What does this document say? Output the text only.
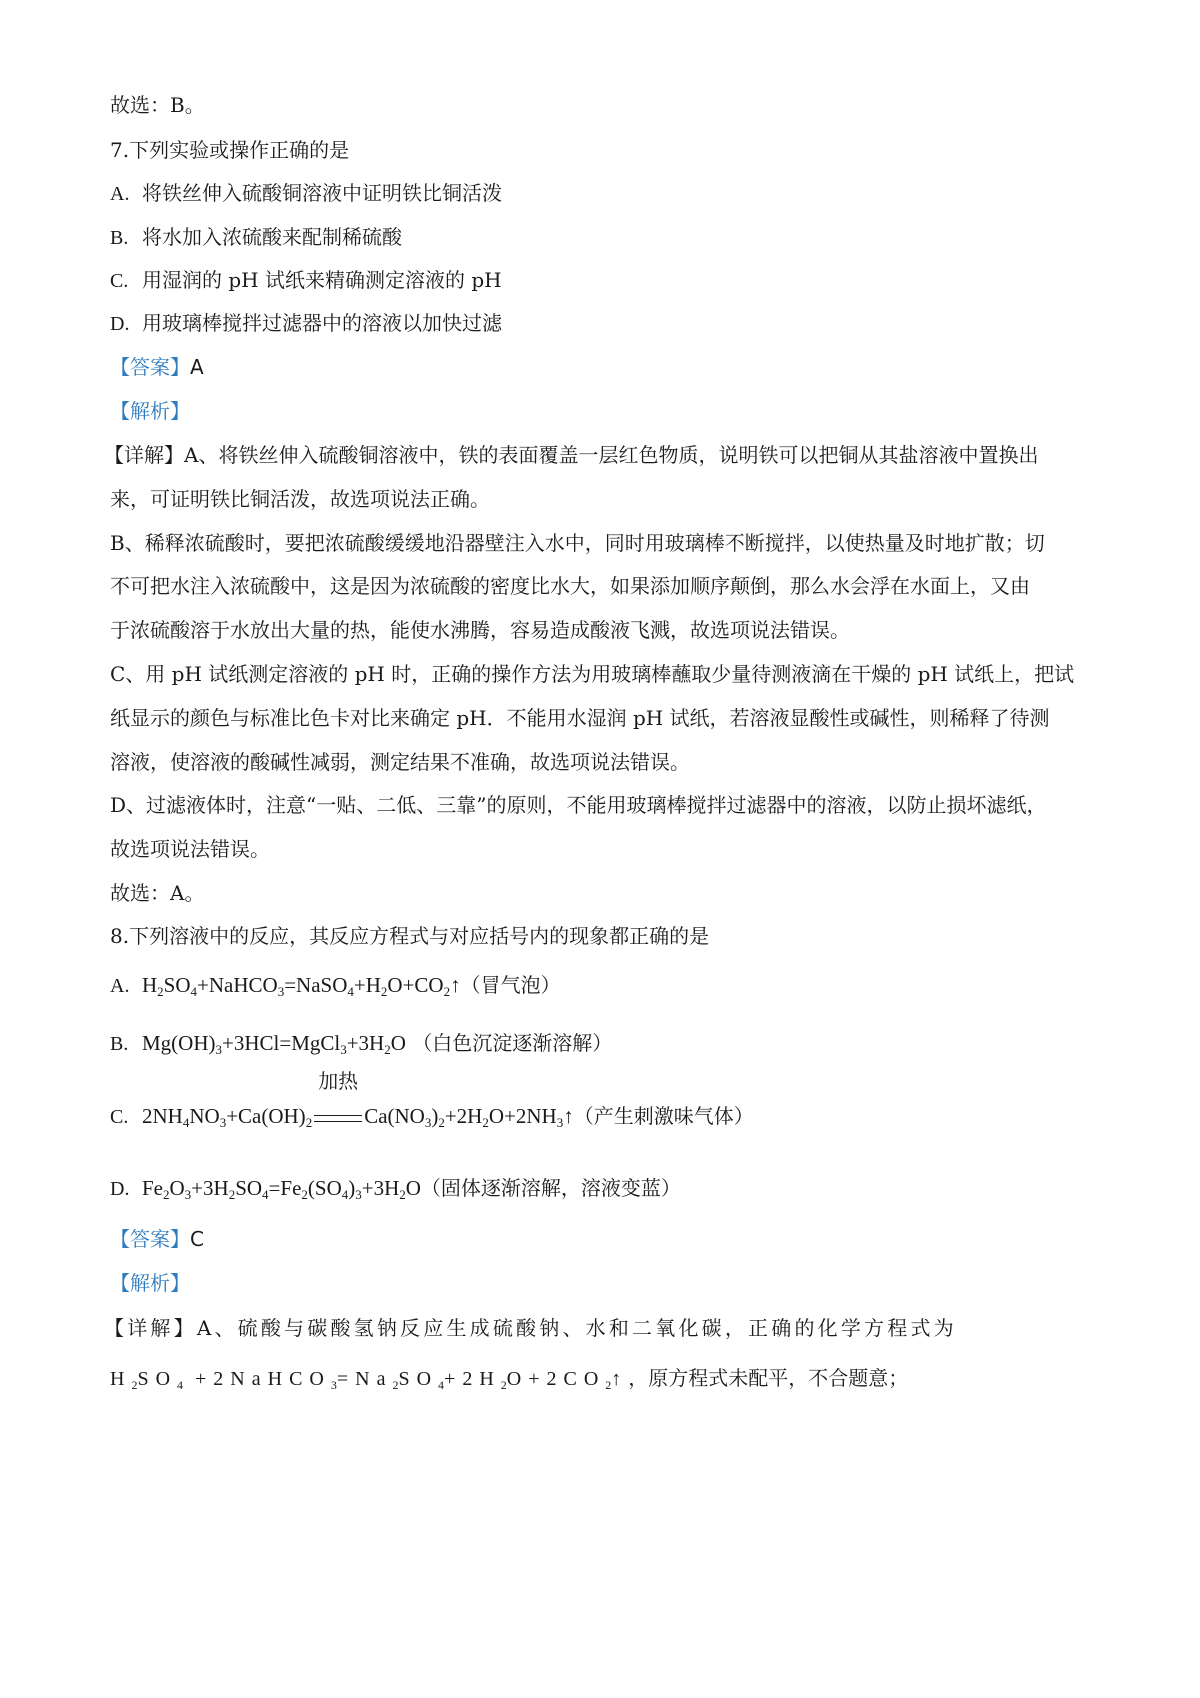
故选：B。
7.下列实验或操作正确的是
A. 将铁丝伸入硫酸铜溶液中证明铁比铜活泼
B. 将水加入浓硫酸来配制稀硫酸
C. 用湿润的 pH 试纸来精确测定溶液的 pH
D. 用玻璃棒搅拌过滤器中的溶液以加快过滤
【答案】A
【解析】
【详解】A、将铁丝伸入硫酸铜溶液中，铁的表面覆盖一层红色物质，说明铁可以把铜从其盐溶液中置换出
来，可证明铁比铜活泼，故选项说法正确。
B、稀释浓硫酸时，要把浓硫酸缓缓地沿器壁注入水中，同时用玻璃棒不断搅拌，以使热量及时地扩散；切
不可把水注入浓硫酸中，这是因为浓硫酸的密度比水大，如果添加顺序颠倒，那么水会浮在水面上，又由
于浓硫酸溶于水放出大量的热，能使水沸腾，容易造成酸液飞溅，故选项说法错误。
C、用 pH 试纸测定溶液的 pH 时，正确的操作方法为用玻璃棒蘸取少量待测液滴在干燥的 pH 试纸上，把试
纸显示的颜色与标准比色卡对比来确定 pH．不能用水湿润 pH 试纸，若溶液显酸性或碱性，则稀释了待测
溶液，使溶液的酸碱性减弱，测定结果不准确，故选项说法错误。
D、过滤液体时，注意“一贴、二低、三靠”的原则，不能用玻璃棒搅拌过滤器中的溶液，以防止损坏滤纸，
故选项说法错误。
故选：A。
8.下列溶液中的反应，其反应方程式与对应括号内的现象都正确的是
A. $H_2SO_4+NaHCO_3=NaSO_4+H_2O+CO_2↑$（冒气泡）
B. $Mg(OH)_3+3HCl=MgCl_3+3H_2O$ （白色沉淀逐渐溶解）
C. $2NH_4NO_3+Ca(OH)_2$
加热
$Ca(NO_3)_2+2H_2O+2NH_3↑$（产生刺激味气体）
D. $Fe_2O_3+3H_2SO_4=Fe_2(SO_4)_3+3H_2O$（固体逐渐溶解，溶液变蓝）
【答案】C
【解析】
【详解】A、硫酸与碳酸氢钠反应生成硫酸钠、水和二氧化碳，正确的化学方程式为
$H_2SO_4$ $+2NaHCO_3=Na_2SO_4+2H_2O+2CO_2↑$，原方程式未配平，不合题意；
